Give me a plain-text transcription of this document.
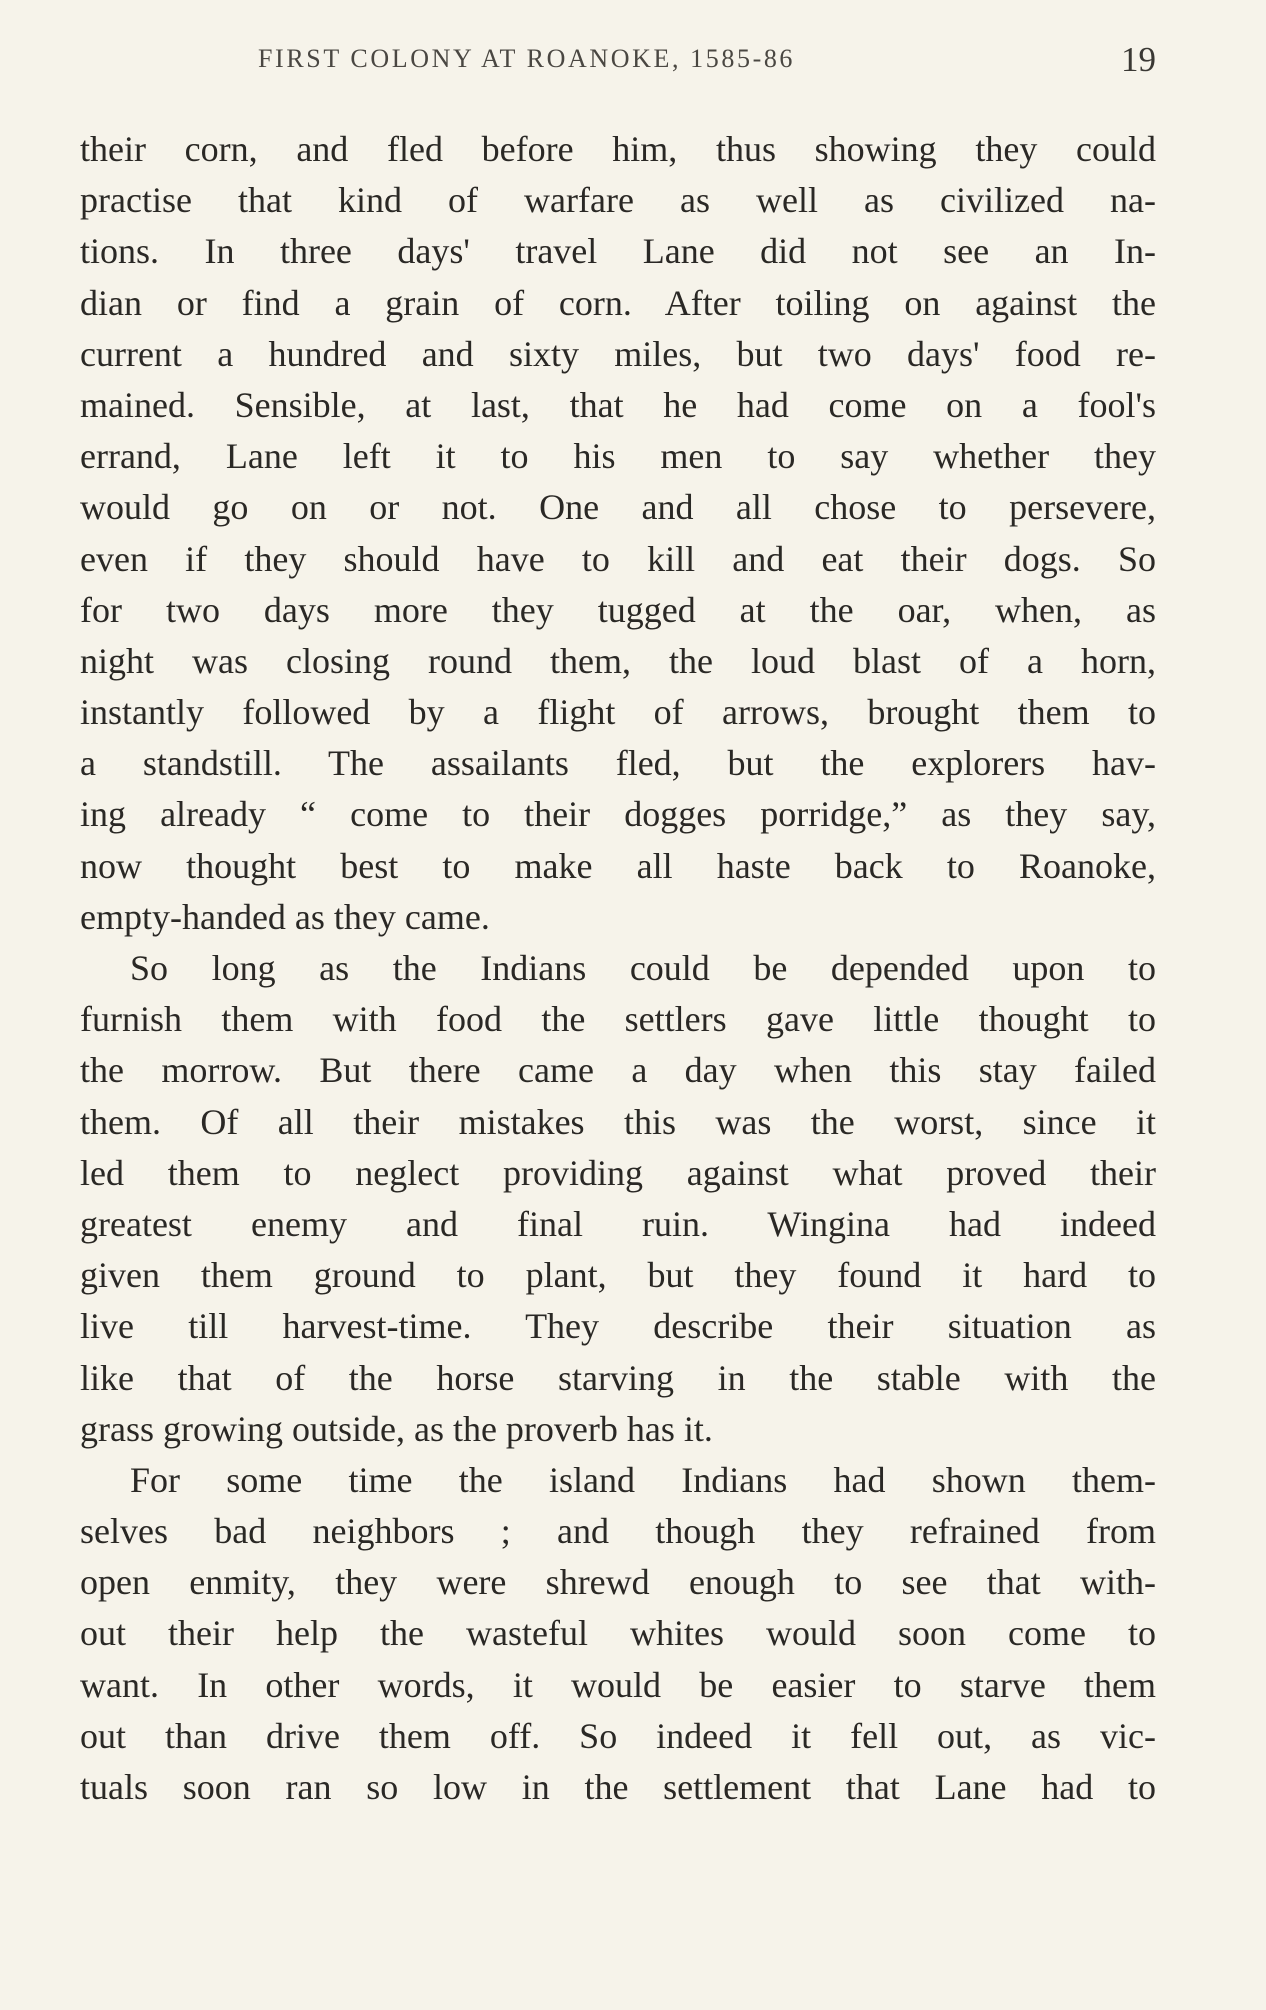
FIRST COLONY AT ROANOKE, 1585-86	19
their corn, and fled before him, thus showing they could
practise that kind of warfare as well as civilized na-
tions. In three days' travel Lane did not see an In-
dian or find a grain of corn. After toiling on against the
current a hundred and sixty miles, but two days' food re-
mained. Sensible, at last, that he had come on a fool's
errand, Lane left it to his men to say whether they
would go on or not. One and all chose to persevere,
even if they should have to kill and eat their dogs. So
for two days more they tugged at the oar, when, as
night was closing round them, the loud blast of a horn,
instantly followed by a flight of arrows, brought them to
a standstill. The assailants fled, but the explorers hav-
ing already “ come to their dogges porridge,” as they say,
now thought best to make all haste back to Roanoke,
empty-handed as they came.
So long as the Indians could be depended upon to
furnish them with food the settlers gave little thought to
the morrow. But there came a day when this stay failed
them. Of all their mistakes this was the worst, since it
led them to neglect providing against what proved their
greatest enemy and final ruin. Wingina had indeed
given them ground to plant, but they found it hard to
live till harvest-time. They describe their situation as
like that of the horse starving in the stable with the
grass growing outside, as the proverb has it.
For some time the island Indians had shown them-
selves bad neighbors ; and though they refrained from
open enmity, they were shrewd enough to see that with-
out their help the wasteful whites would soon come to
want. In other words, it would be easier to starve them
out than drive them off. So indeed it fell out, as vic-
tuals soon ran so low in the settlement that Lane had to
